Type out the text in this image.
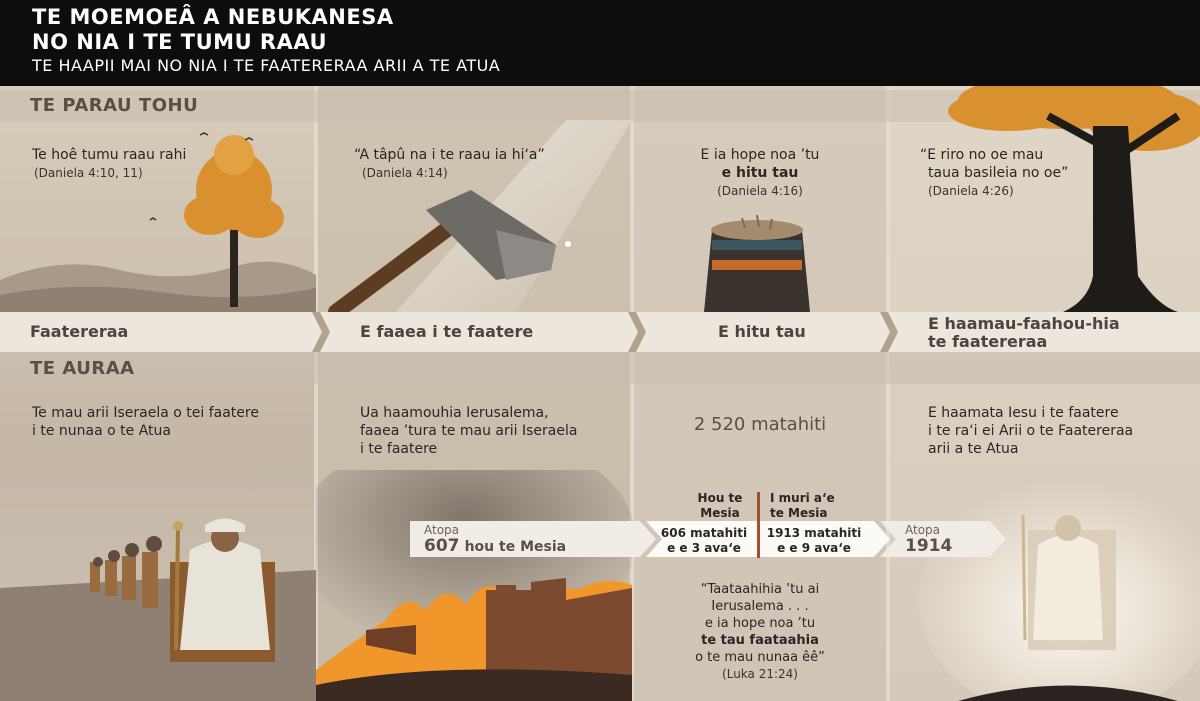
TE PARAU TOHU
TE AURAA
Te hoê tumu raau rahi
(Daniela 4:10, 11)
“A tâpû na i te raau ia hi‘a”
(Daniela 4:14)
E ia hope noa ’tu
e hitu tau
(Daniela 4:16)
“E riro no oe mau
taua basileia no oe”
(Daniela 4:26)
Faatereraa	E faaea i te faatere	E hitu tau	E haamau-faahou-hia
te faatereraa
Te mau arii Iseraela o tei faatere
i te nunaa o te Atua
Ua haamouhia Ierusalema,
faaea ’tura te mau arii Iseraela
i te faatere
2 520 matahiti
E haamata Iesu i te faatere
i te ra‘i ei Arii o te Faatereraa
arii a te Atua
Atopa
607 hou te Mesia
Hou te
Mesia
I muri a‘e
te Mesia
606 matahiti
e e 3 ava‘e
1913 matahiti
e e 9 ava‘e
Atopa
1914
“Taataahihia ’tu ai
Ierusalema . . .
e ia hope noa ’tu
te tau faataahia
o te mau nunaa êê”
(Luka 21:24)
TE MOEMOEÂ A NEBUKANESA
NO NIA I TE TUMU RAAU
TE HAAPII MAI NO NIA I TE FAATERERAA ARII A TE ATUA
